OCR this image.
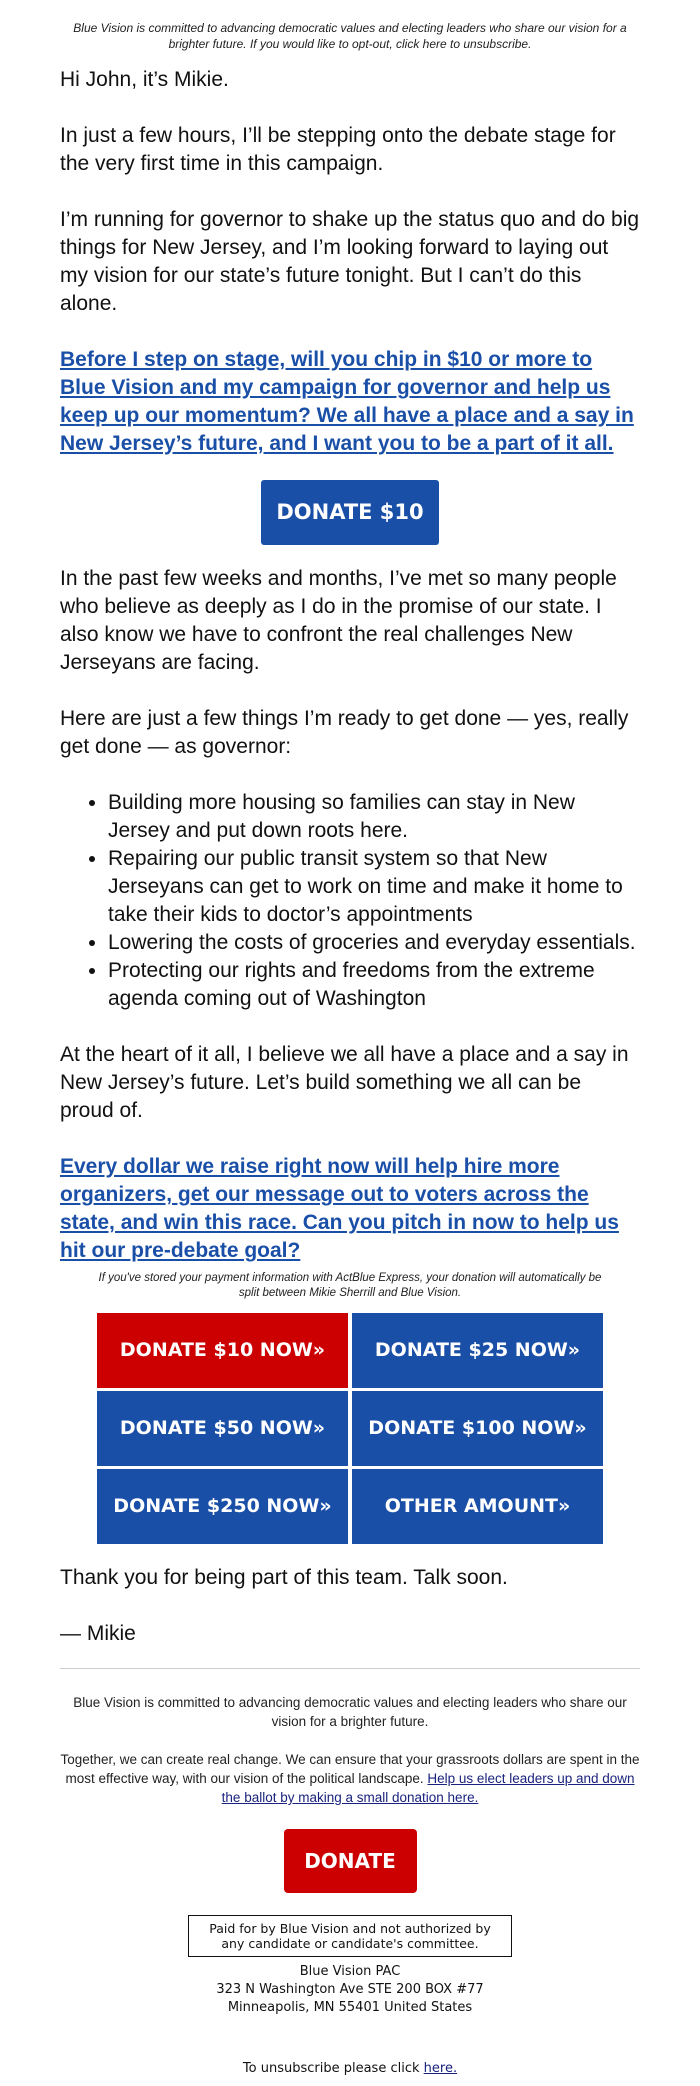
Blue Vision is committed to advancing democratic values and electing leaders who share our vision for a brighter future. If you would like to opt-out, click here to unsubscribe.

Hi John, it’s Mikie.

In just a few hours, I’ll be stepping onto the debate stage for the very first time in this campaign.

I’m running for governor to shake up the status quo and do big things for New Jersey, and I’m looking forward to laying out my vision for our state’s future tonight. But I can’t do this alone.

Before I step on stage, will you chip in $10 or more to Blue Vision and my campaign for governor and help us keep up our momentum? We all have a place and a say in New Jersey’s future, and I want you to be a part of it all.
DONATE $10

In the past few weeks and months, I’ve met so many people who believe as deeply as I do in the promise of our state. I also know we have to confront the real challenges New Jerseyans are facing.

Here are just a few things I’m ready to get done — yes, really get done — as governor:

• Building more housing so families can stay in New Jersey and put down roots here.
• Repairing our public transit system so that New Jerseyans can get to work on time and make it home to take their kids to doctor’s appointments
• Lowering the costs of groceries and everyday essentials.
• Protecting our rights and freedoms from the extreme agenda coming out of Washington

At the heart of it all, I believe we all have a place and a say in New Jersey’s future. Let’s build something we all can be proud of.

Every dollar we raise right now will help hire more organizers, get our message out to voters across the state, and win this race. Can you pitch in now to help us hit our pre-debate goal?
If you've stored your payment information with ActBlue Express, your donation will automatically be split between Mikie Sherrill and Blue Vision.
DONATE $10 NOW»	DONATE $25 NOW»
DONATE $50 NOW»	DONATE $100 NOW»
DONATE $250 NOW»	OTHER AMOUNT»

Thank you for being part of this team. Talk soon.

— Mikie

Blue Vision is committed to advancing democratic values and electing leaders who share our vision for a brighter future.

Together, we can create real change. We can ensure that your grassroots dollars are spent in the most effective way, with our vision of the political landscape. Help us elect leaders up and down the ballot by making a small donation here.

DONATE
Paid for by Blue Vision and not authorized by any candidate or candidate's committee.
Blue Vision PAC
323 N Washington Ave STE 200 BOX #77
Minneapolis, MN 55401 United States
To unsubscribe please click here.
